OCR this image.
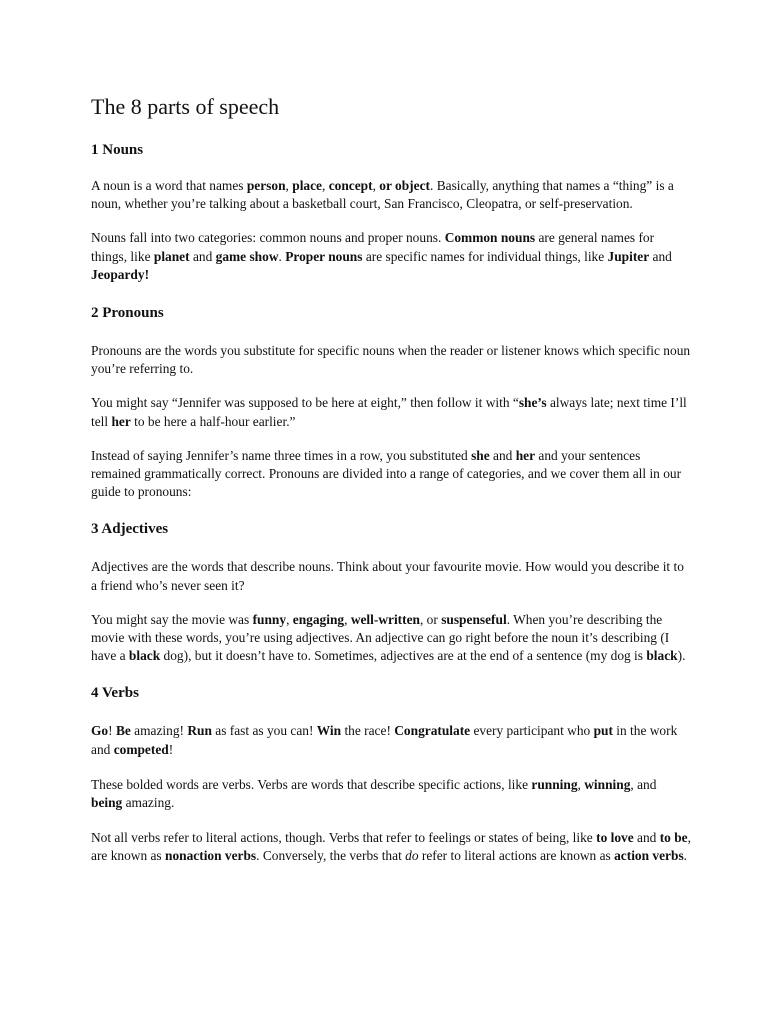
The 8 parts of speech
1 Nouns

A noun is a word that names person, place, concept, or object. Basically, anything that names a “thing” is a noun, whether you’re talking about a basketball court, San Francisco, Cleopatra, or self-preservation.

Nouns fall into two categories: common nouns and proper nouns. Common nouns are general names for things, like planet and game show. Proper nouns are specific names for individual things, like Jupiter and Jeopardy!

2 Pronouns

Pronouns are the words you substitute for specific nouns when the reader or listener knows which specific noun you’re referring to.

You might say “Jennifer was supposed to be here at eight,” then follow it with “she’s always late; next time I’ll tell her to be here a half-hour earlier.”

Instead of saying Jennifer’s name three times in a row, you substituted she and her and your sentences remained grammatically correct. Pronouns are divided into a range of categories, and we cover them all in our guide to pronouns:

3 Adjectives

Adjectives are the words that describe nouns. Think about your favourite movie. How would you describe it to a friend who’s never seen it?

You might say the movie was funny, engaging, well-written, or suspenseful. When you’re describing the movie with these words, you’re using adjectives. An adjective can go right before the noun it’s describing (I have a black dog), but it doesn’t have to. Sometimes, adjectives are at the end of a sentence (my dog is black).

4 Verbs

Go! Be amazing! Run as fast as you can! Win the race! Congratulate every participant who put in the work and competed!

These bolded words are verbs. Verbs are words that describe specific actions, like running, winning, and being amazing.

Not all verbs refer to literal actions, though. Verbs that refer to feelings or states of being, like to love and to be, are known as nonaction verbs. Conversely, the verbs that do refer to literal actions are known as action verbs.
